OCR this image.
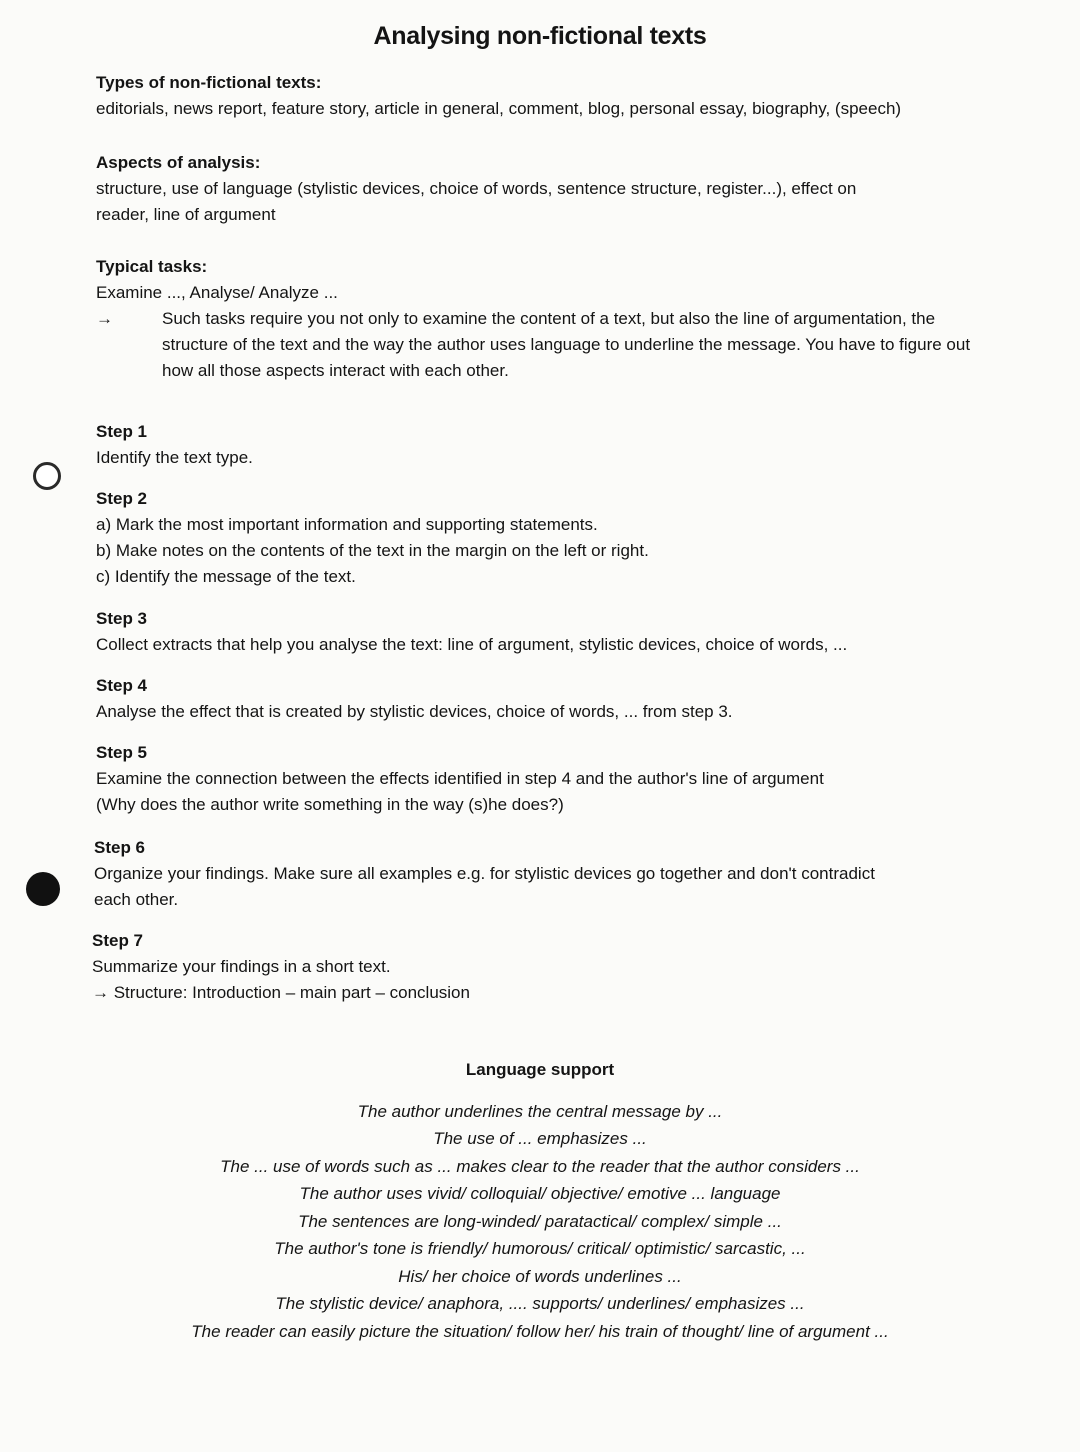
Analysing non-fictional texts
Types of non-fictional texts:
editorials, news report, feature story, article in general, comment, blog, personal essay, biography, (speech)
Aspects of analysis:
structure, use of language (stylistic devices, choice of words, sentence structure, register...), effect on
reader, line of argument
Typical tasks:
Examine ..., Analyse/ Analyze ...
→	Such tasks require you not only to examine the content of a text, but also the line of argumentation, the structure of the text and the way the author uses language to underline the message. You have to figure out how all those aspects interact with each other.
Step 1
Identify the text type.
Step 2
a) Mark the most important information and supporting statements.
b) Make notes on the contents of the text in the margin on the left or right.
c) Identify the message of the text.
Step 3
Collect extracts that help you analyse the text: line of argument, stylistic devices, choice of words, ...
Step 4
Analyse the effect that is created by stylistic devices, choice of words, ... from step 3.
Step 5
Examine the connection between the effects identified in step 4 and the author's line of argument
(Why does the author write something in the way (s)he does?)
Step 6
Organize your findings. Make sure all examples e.g. for stylistic devices go together and don't contradict
each other.
Step 7
Summarize your findings in a short text.
→ Structure: Introduction – main part – conclusion
Language support
The author underlines the central message by ...
The use of ... emphasizes ...
The ... use of words such as ... makes clear to the reader that the author considers ...
The author uses vivid/ colloquial/ objective/ emotive ... language
The sentences are long-winded/ paratactical/ complex/ simple ...
The author's tone is friendly/ humorous/ critical/ optimistic/ sarcastic, ...
His/ her choice of words underlines ...
The stylistic device/ anaphora, .... supports/ underlines/ emphasizes ...
The reader can easily picture the situation/ follow her/ his train of thought/ line of argument ...
